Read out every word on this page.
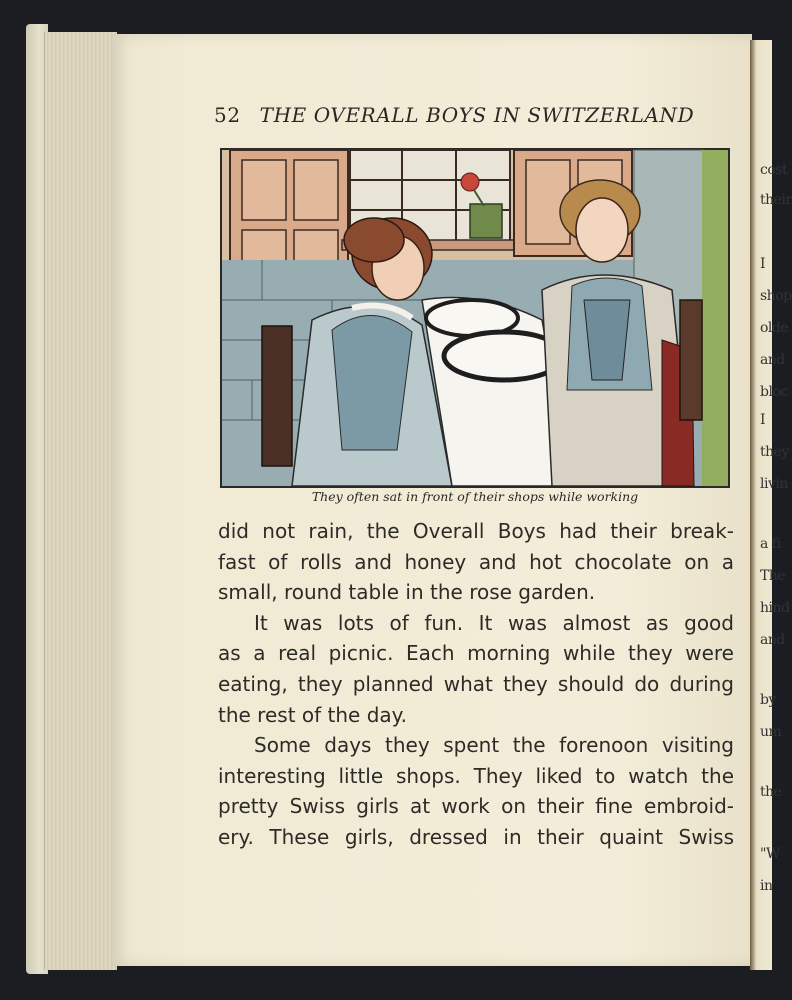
cost
their
I
shop
olde
and
bloc
I
they
livin
a fi
The
hind
and
by
um
the
"W
in
52 THE OVERALL BOYS IN SWITZERLAND
They often sat in front of their shops while working
did not rain, the Overall Boys had their break-
fast of rolls and honey and hot chocolate on a
small, round table in the rose garden.
It was lots of fun. It was almost as good
as a real picnic. Each morning while they were
eating, they planned what they should do during
the rest of the day.
Some days they spent the forenoon visiting
interesting little shops. They liked to watch the
pretty Swiss girls at work on their fine embroid-
ery. These girls, dressed in their quaint Swiss
